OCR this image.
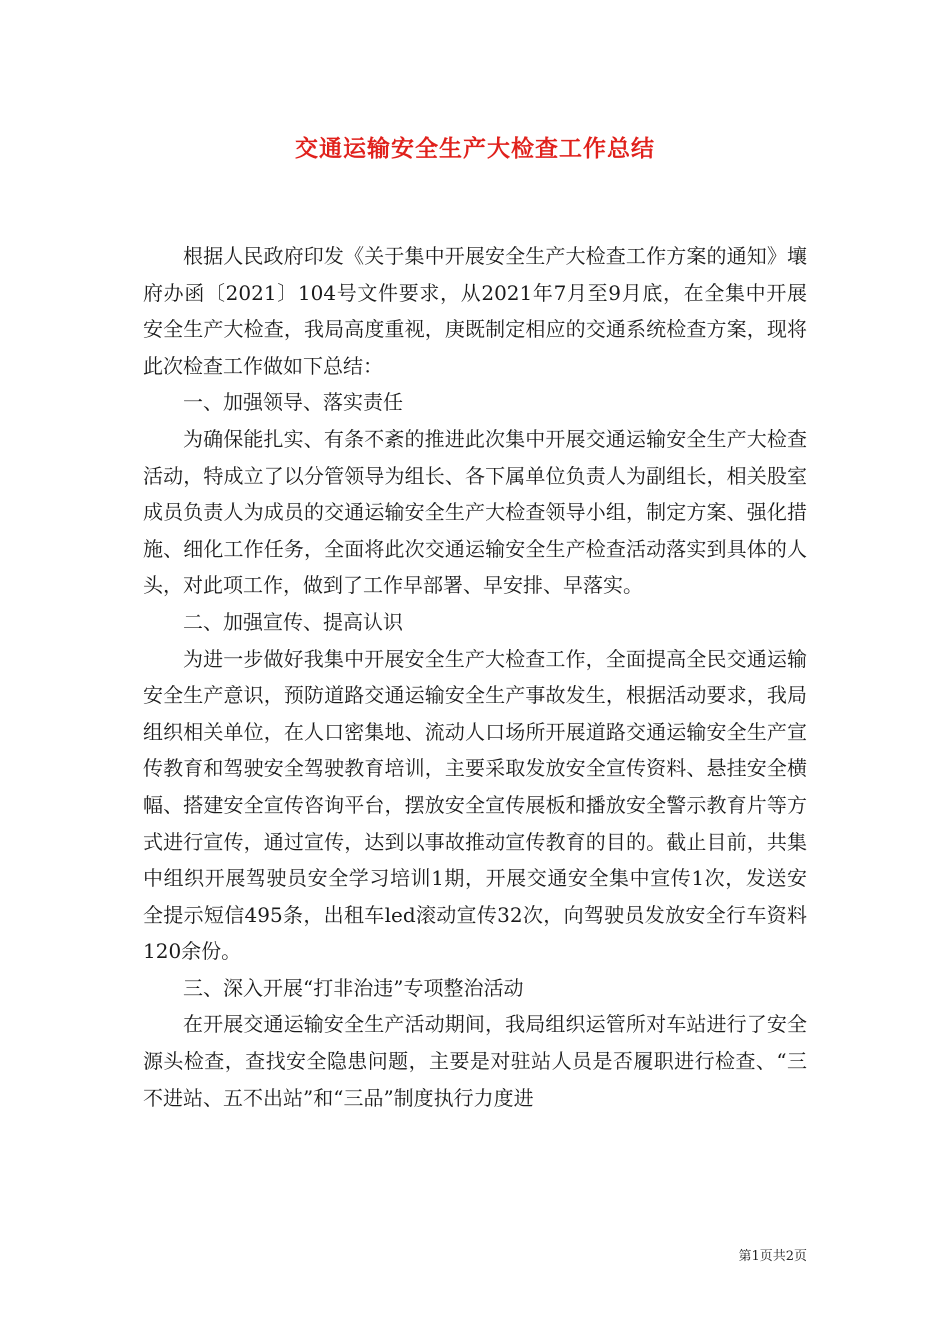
交通运输安全生产大检查工作总结

根据人民政府印发《关于集中开展安全生产大检查工作方案的通知》壤府办函〔2021〕104号文件要求，从2021年7月至9月底，在全集中开展安全生产大检查，我局高度重视，庚既制定相应的交通系统检查方案，现将此次检查工作做如下总结：

一、加强领导、落实责任

为确保能扎实、有条不紊的推进此次集中开展交通运输安全生产大检查活动，特成立了以分管领导为组长、各下属单位负责人为副组长，相关股室成员负责人为成员的交通运输安全生产大检查领导小组，制定方案、强化措施、细化工作任务，全面将此次交通运输安全生产检查活动落实到具体的人头，对此项工作，做到了工作早部署、早安排、早落实。

二、加强宣传、提高认识

为进一步做好我集中开展安全生产大检查工作，全面提高全民交通运输安全生产意识，预防道路交通运输安全生产事故发生，根据活动要求，我局组织相关单位，在人口密集地、流动人口场所开展道路交通运输安全生产宣传教育和驾驶安全驾驶教育培训，主要采取发放安全宣传资料、悬挂安全横幅、搭建安全宣传咨询平台，摆放安全宣传展板和播放安全警示教育片等方式进行宣传，通过宣传，达到以事故推动宣传教育的目的。截止目前，共集中组织开展驾驶员安全学习培训1期，开展交通安全集中宣传1次，发送安全提示短信495条，出租车led滚动宣传32次，向驾驶员发放安全行车资料120余份。

三、深入开展“打非治违”专项整治活动

在开展交通运输安全生产活动期间，我局组织运管所对车站进行了安全源头检查，查找安全隐患问题，主要是对驻站人员是否履职进行检查、“三不进站、五不出站”和“三品”制度执行力度进

第1页共2页
